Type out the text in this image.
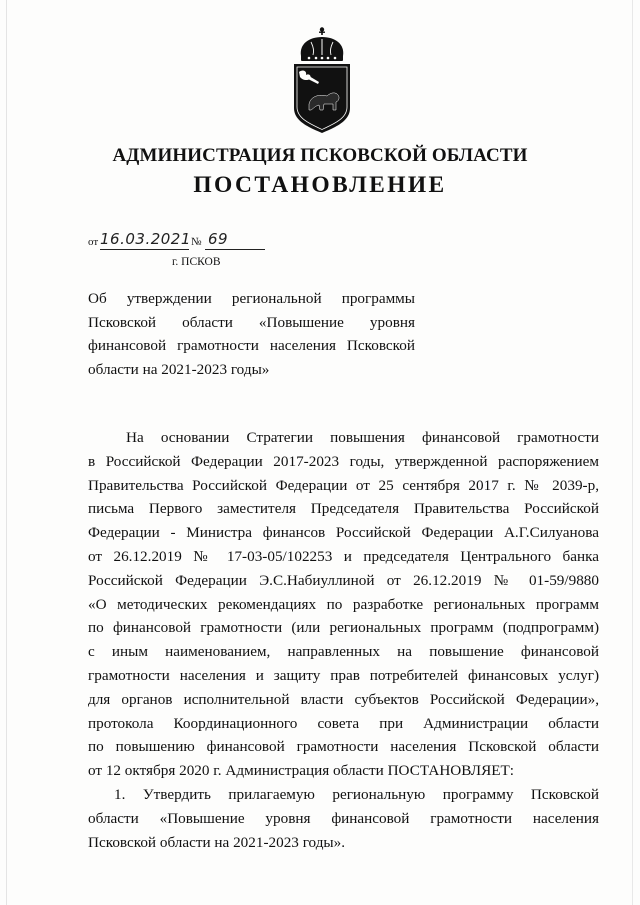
АДМИНИСТРАЦИЯ ПСКОВСКОЙ ОБЛАСТИ
ПОСТАНОВЛЕНИЕ
от 16.03.2021 № 69
г. ПСКОВ
Об утверждении региональной программы
Псковской области «Повышение уровня
финансовой грамотности населения Псковской
области на 2021-2023 годы»
На основании Стратегии повышения финансовой грамотности
в Российской Федерации 2017-2023 годы, утвержденной распоряжением
Правительства Российской Федерации от 25 сентября 2017 г. № 2039-р,
письма Первого заместителя Председателя Правительства Российской
Федерации - Министра финансов Российской Федерации А.Г.Силуанова
от 26.12.2019 № 17-03-05/102253 и председателя Центрального банка
Российской Федерации Э.С.Набиуллиной от 26.12.2019 № 01-59/9880
«О методических рекомендациях по разработке региональных программ
по финансовой грамотности (или региональных программ (подпрограмм)
с иным наименованием, направленных на повышение финансовой
грамотности населения и защиту прав потребителей финансовых услуг)
для органов исполнительной власти субъектов Российской Федерации»,
протокола Координационного совета при Администрации области
по повышению финансовой грамотности населения Псковской области
от 12 октября 2020 г. Администрация области ПОСТАНОВЛЯЕТ:
1. Утвердить прилагаемую региональную программу Псковской
области «Повышение уровня финансовой грамотности населения
Псковской области на 2021-2023 годы».
